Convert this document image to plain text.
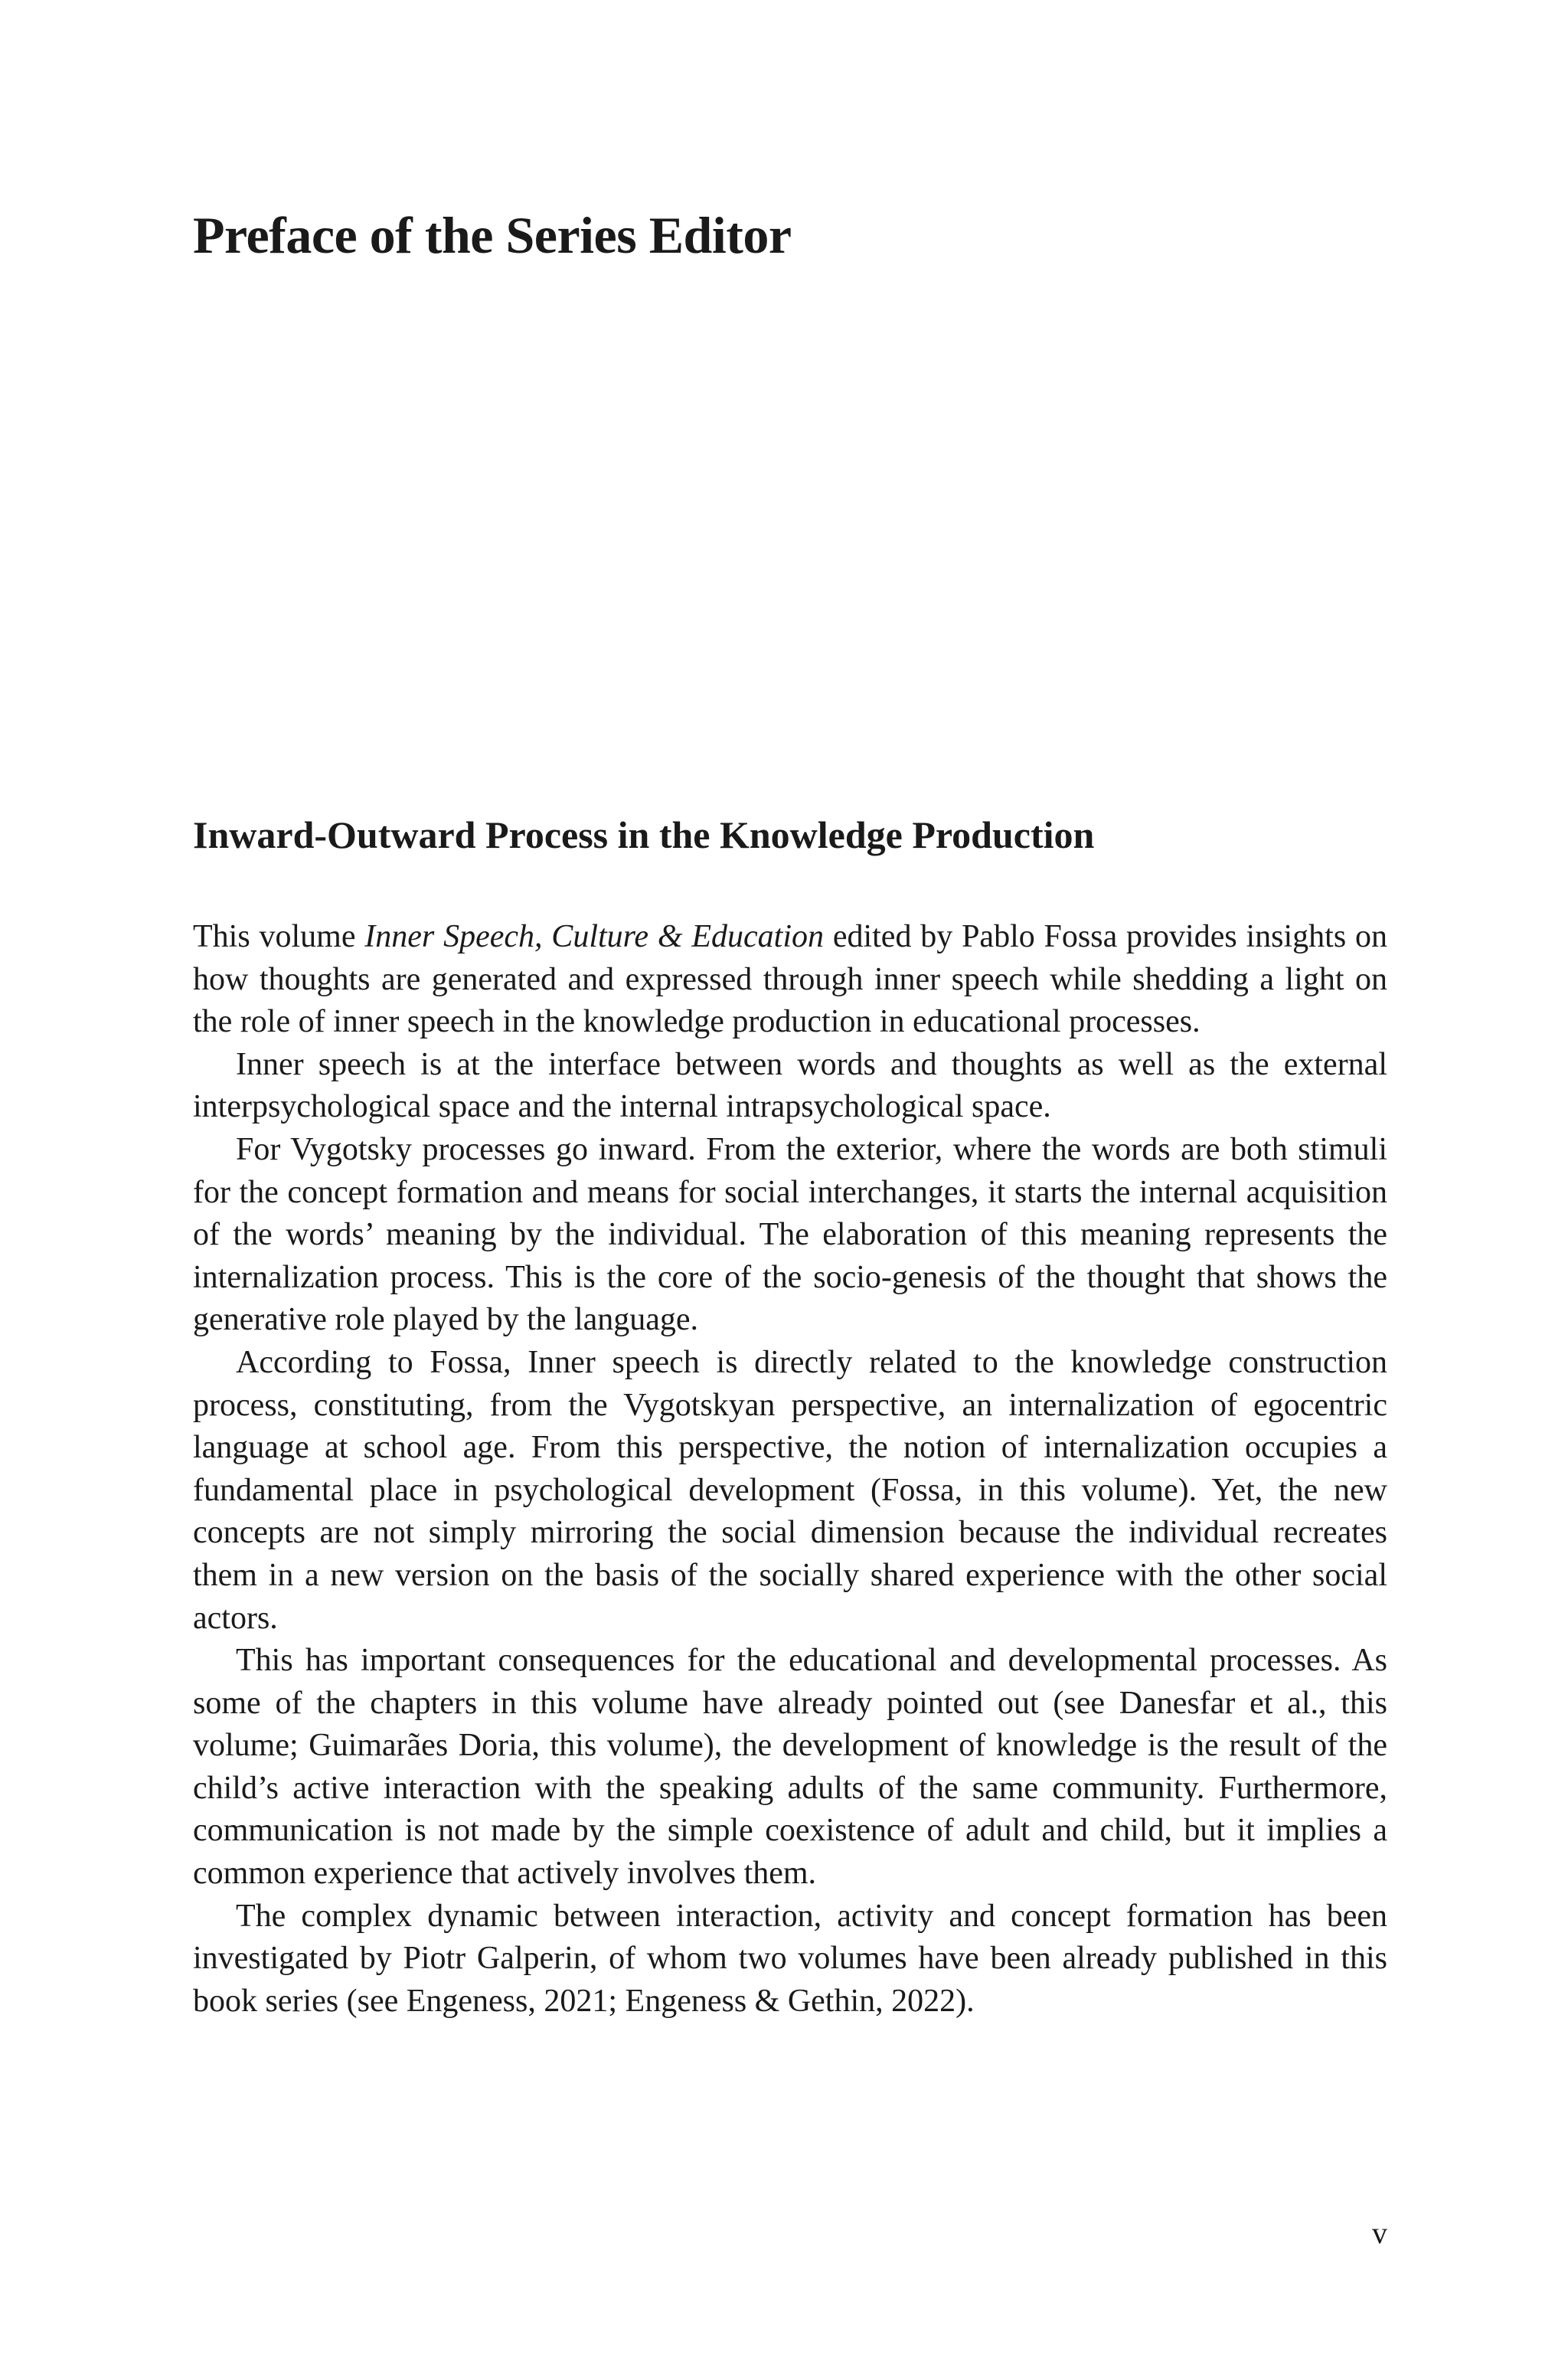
Preface of the Series Editor
Inward-Outward Process in the Knowledge Production

This volume Inner Speech, Culture & Education edited by Pablo Fossa provides insights on how thoughts are generated and expressed through inner speech while shedding a light on the role of inner speech in the knowledge production in educational processes.

Inner speech is at the interface between words and thoughts as well as the external interpsychological space and the internal intrapsychological space.

For Vygotsky processes go inward. From the exterior, where the words are both stimuli for the concept formation and means for social interchanges, it starts the internal acquisition of the words’ meaning by the individual. The elaboration of this meaning represents the internalization process. This is the core of the socio-genesis of the thought that shows the generative role played by the language.

According to Fossa, Inner speech is directly related to the knowledge construction process, constituting, from the Vygotskyan perspective, an internalization of egocentric language at school age. From this perspective, the notion of internalization occupies a fundamental place in psychological development (Fossa, in this volume). Yet, the new concepts are not simply mirroring the social dimension because the individual recreates them in a new version on the basis of the socially shared experience with the other social actors.

This has important consequences for the educational and developmental processes. As some of the chapters in this volume have already pointed out (see Danesfar et al., this volume; Guimarães Doria, this volume), the development of knowledge is the result of the child’s active interaction with the speaking adults of the same community. Furthermore, communication is not made by the simple coexistence of adult and child, but it implies a common experience that actively involves them.

The complex dynamic between interaction, activity and concept formation has been investigated by Piotr Galperin, of whom two volumes have been already published in this book series (see Engeness, 2021; Engeness & Gethin, 2022).

v
